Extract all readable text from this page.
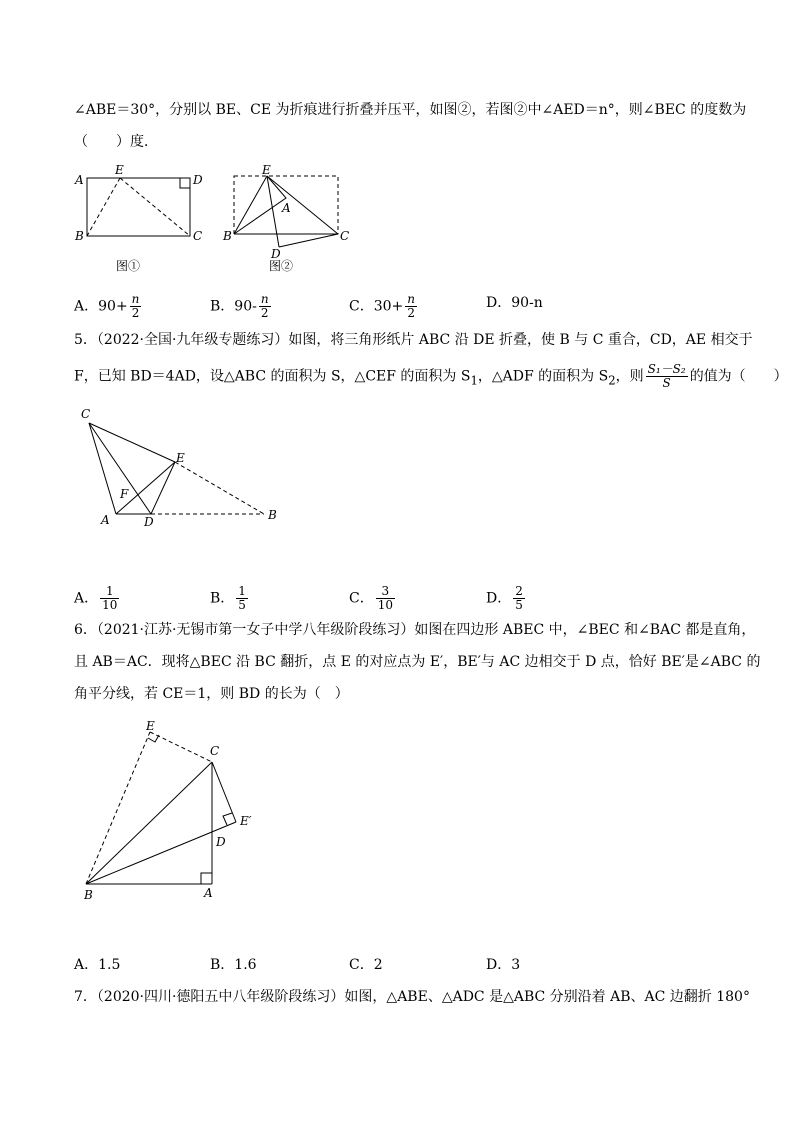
∠ABE＝30°，分别以 BE、CE 为折痕进行折叠并压平，如图②，若图②中∠AED＝n°，则∠BEC 的度数为
（　　）度．
A
E
D
B	C
图①
E
A
B	C
D
图②
A．$90+ \frac{n}{2}$	B．$90- \frac{n}{2}$	C．$30+ \frac{n}{2}$	D．90-n
5．（2022·全国·九年级专题练习）如图，将三角形纸片 ABC 沿 DE 折叠，使 B 与 C 重合，CD，AE 相交于
F，已知 BD＝4AD，设△ABC 的面积为 S，△CEF 的面积为 $S_1$，△ADF 的面积为 $S_2$，则 $\frac{\text{S₁－S₂}}{S}$ 的值为（　　）
C
E
F
A	D	B
A． $\frac{1}{10}$	B． $\frac{1}{5}$	C． $\frac{3}{10}$	D． $\frac{2}{5}$
6．（2021·江苏·无锡市第一女子中学八年级阶段练习）如图在四边形 ABEC 中，∠BEC 和∠BAC 都是直角，
且 AB＝AC．现将△BEC 沿 BC 翻折，点 E 的对应点为 E′，BE′与 AC 边相交于 D 点，恰好 BE′是∠ABC 的
角平分线，若 CE＝1，则 BD 的长为（　）
E
C
E′
D
B	A
A．1.5	B．1.6	C．2	D．3
7．（2020·四川·德阳五中八年级阶段练习）如图，△ABE、△ADC 是△ABC 分别沿着 AB、AC 边翻折 180°
